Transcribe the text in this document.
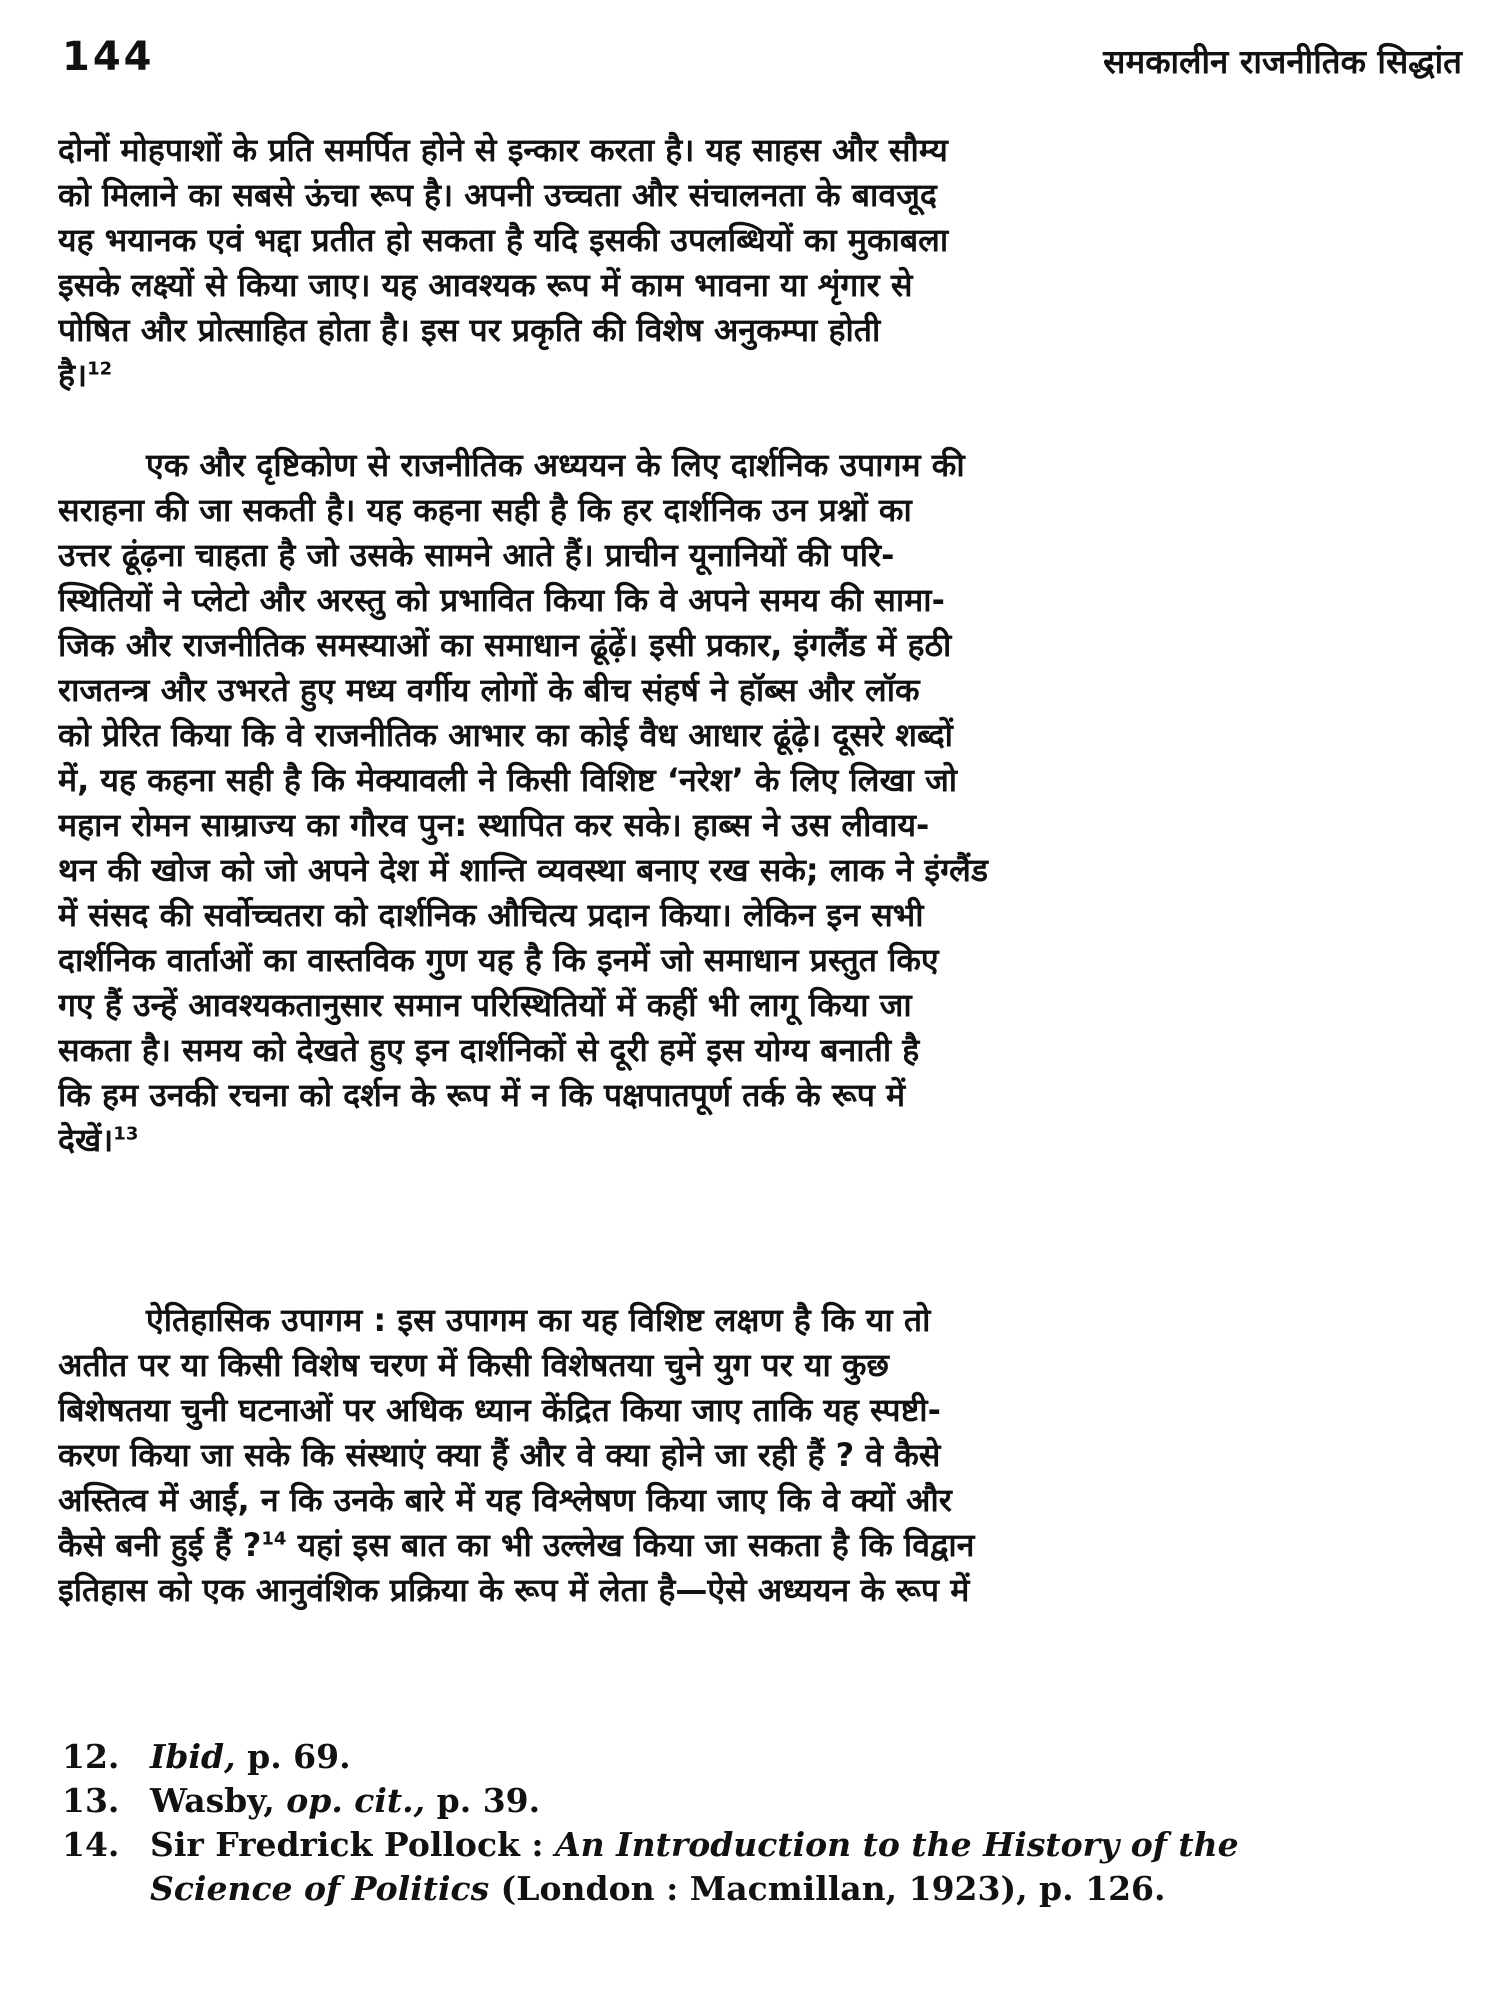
144	समकालीन राजनीतिक सिद्धांत
दोनों मोहपाशों के प्रति समर्पित होने से इन्कार करता है। यह साहस और सौम्य
को मिलाने का सबसे ऊंचा रूप है। अपनी उच्चता और संचालनता के बावजूद
यह भयानक एवं भद्दा प्रतीत हो सकता है यदि इसकी उपलब्धियों का मुकाबला
इसके लक्ष्यों से किया जाए। यह आवश्यक रूप में काम भावना या शृंगार से
पोषित और प्रोत्साहित होता है। इस पर प्रकृति की विशेष अनुकम्पा होती
है।$^{12}$
एक और दृष्टिकोण से राजनीतिक अध्ययन के लिए दार्शनिक उपागम की
सराहना की जा सकती है। यह कहना सही है कि हर दार्शनिक उन प्रश्नों का
उत्तर ढूंढ़ना चाहता है जो उसके सामने आते हैं। प्राचीन यूनानियों की परि-
स्थितियों ने प्लेटो और अरस्तु को प्रभावित किया कि वे अपने समय की सामा-
जिक और राजनीतिक समस्याओं का समाधान ढूंढ़ें। इसी प्रकार, इंगलैंड में हठी
राजतन्त्र और उभरते हुए मध्य वर्गीय लोगों के बीच संहर्ष ने हॉब्स और लॉक
को प्रेरित किया कि वे राजनीतिक आभार का कोई वैध आधार ढूंढ़े। दूसरे शब्दों
में, यह कहना सही है कि मेक्यावली ने किसी विशिष्ट ‘नरेश’ के लिए लिखा जो
महान रोमन साम्राज्य का गौरव पुन: स्थापित कर सके। हाब्स ने उस लीवाय-
थन की खोज को जो अपने देश में शान्ति व्यवस्था बनाए रख सके; लाक ने इंग्लैंड
में संसद की सर्वोच्चतरा को दार्शनिक औचित्य प्रदान किया। लेकिन इन सभी
दार्शनिक वार्ताओं का वास्तविक गुण यह है कि इनमें जो समाधान प्रस्तुत किए
गए हैं उन्हें आवश्यकतानुसार समान परिस्थितियों में कहीं भी लागू किया जा
सकता है। समय को देखते हुए इन दार्शनिकों से दूरी हमें इस योग्य बनाती है
कि हम उनकी रचना को दर्शन के रूप में न कि पक्षपातपूर्ण तर्क के रूप में
देखें।$^{13}$
ऐतिहासिक उपागम : इस उपागम का यह विशिष्ट लक्षण है कि या तो
अतीत पर या किसी विशेष चरण में किसी विशेषतया चुने युग पर या कुछ
बिशेषतया चुनी घटनाओं पर अधिक ध्यान केंद्रित किया जाए ताकि यह स्पष्टी-
करण किया जा सके कि संस्थाएं क्या हैं और वे क्या होने जा रही हैं ? वे कैसे
अस्तित्व में आईं, न कि उनके बारे में यह विश्लेषण किया जाए कि वे क्यों और
कैसे बनी हुई हैं ?$^{14}$ यहां इस बात का भी उल्लेख किया जा सकता है कि विद्वान
इतिहास को एक आनुवंशिक प्रक्रिया के रूप में लेता है—ऐसे अध्ययन के रूप में
12. Ibid, p. 69.
13. Wasby, op. cit., p. 39.
14. Sir Fredrick Pollock : An Introduction to the History of the
Science of Politics (London : Macmillan, 1923), p. 126.
